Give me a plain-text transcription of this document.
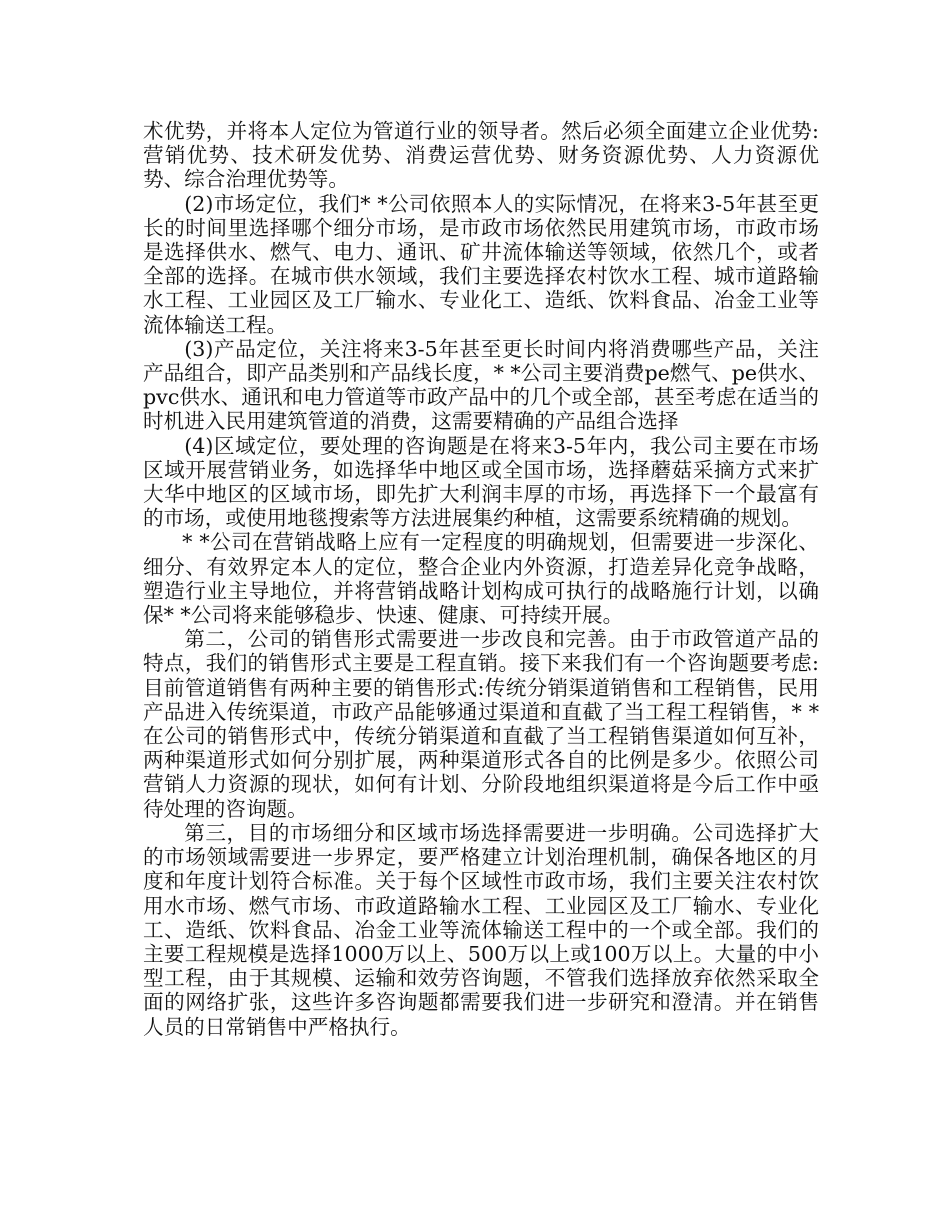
术优势，并将本人定位为管道行业的领导者。然后必须全面建立企业优势:营销优势、技术研发优势、消费运营优势、财务资源优势、人力资源优势、综合治理优势等。

(2)市场定位，我们* *公司依照本人的实际情况，在将来3-5年甚至更长的时间里选择哪个细分市场，是市政市场依然民用建筑市场，市政市场是选择供水、燃气、电力、通讯、矿井流体输送等领域，依然几个，或者全部的选择。在城市供水领域，我们主要选择农村饮水工程、城市道路输水工程、工业园区及工厂输水、专业化工、造纸、饮料食品、冶金工业等流体输送工程。

(3)产品定位，关注将来3-5年甚至更长时间内将消费哪些产品，关注产品组合，即产品类别和产品线长度，* *公司主要消费pe燃气、pe供水、pvc供水、通讯和电力管道等市政产品中的几个或全部，甚至考虑在适当的时机进入民用建筑管道的消费，这需要精确的产品组合选择

(4)区域定位，要处理的咨询题是在将来3-5年内，我公司主要在市场区域开展营销业务，如选择华中地区或全国市场，选择蘑菇采摘方式来扩大华中地区的区域市场，即先扩大利润丰厚的市场，再选择下一个最富有的市场，或使用地毯搜索等方法进展集约种植，这需要系统精确的规划。

* *公司在营销战略上应有一定程度的明确规划，但需要进一步深化、细分、有效界定本人的定位，整合企业内外资源，打造差异化竞争战略，塑造行业主导地位，并将营销战略计划构成可执行的战略施行计划，以确保* *公司将来能够稳步、快速、健康、可持续开展。

第二，公司的销售形式需要进一步改良和完善。由于市政管道产品的特点，我们的销售形式主要是工程直销。接下来我们有一个咨询题要考虑:目前管道销售有两种主要的销售形式:传统分销渠道销售和工程销售，民用产品进入传统渠道，市政产品能够通过渠道和直截了当工程工程销售，* *在公司的销售形式中，传统分销渠道和直截了当工程销售渠道如何互补，两种渠道形式如何分别扩展，两种渠道形式各自的比例是多少。依照公司营销人力资源的现状，如何有计划、分阶段地组织渠道将是今后工作中亟待处理的咨询题。

第三，目的市场细分和区域市场选择需要进一步明确。公司选择扩大的市场领域需要进一步界定，要严格建立计划治理机制，确保各地区的月度和年度计划符合标准。关于每个区域性市政市场，我们主要关注农村饮用水市场、燃气市场、市政道路输水工程、工业园区及工厂输水、专业化工、造纸、饮料食品、冶金工业等流体输送工程中的一个或全部。我们的主要工程规模是选择1000万以上、500万以上或100万以上。大量的中小型工程，由于其规模、运输和效劳咨询题，不管我们选择放弃依然采取全面的网络扩张，这些许多咨询题都需要我们进一步研究和澄清。并在销售人员的日常销售中严格执行。
